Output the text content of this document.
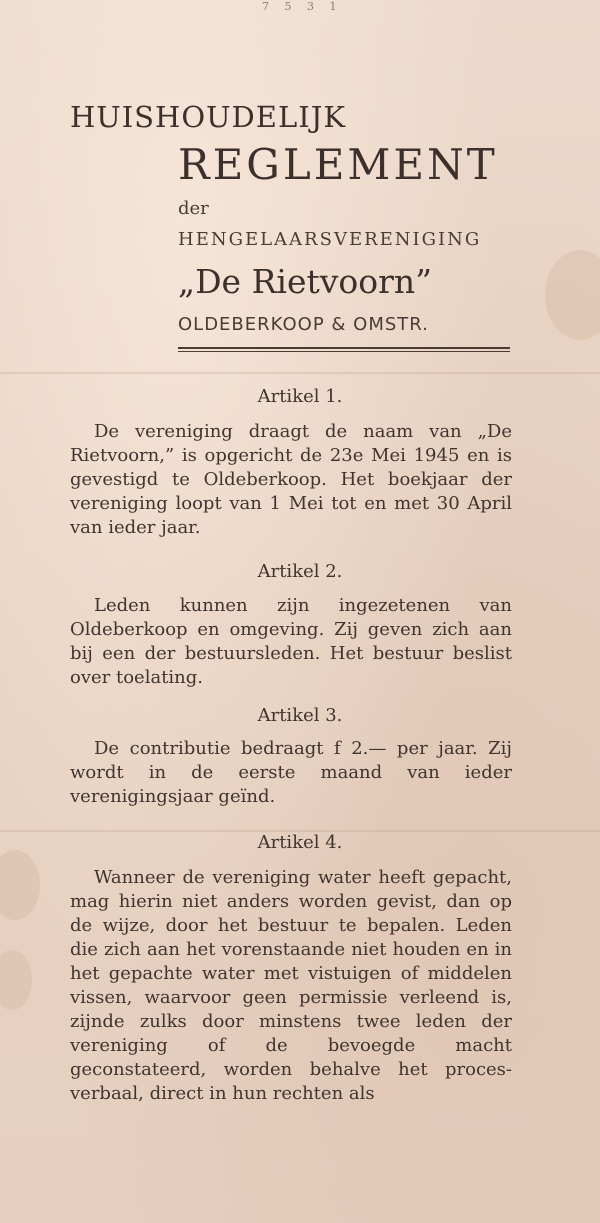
7 5 3 1
HUISHOUDELIJK
REGLEMENT
der
HENGELAARSVERENIGING
„De Rietvoorn”
OLDEBERKOOP & OMSTR.
Artikel 1.

De vereniging draagt de naam van „De Rietvoorn,” is opgericht de 23e Mei 1945 en is gevestigd te Oldeberkoop. Het boekjaar der vereniging loopt van 1 Mei tot en met 30 April van ieder jaar.

Artikel 2.

Leden kunnen zijn ingezetenen van Oldeberkoop en omgeving. Zij geven zich aan bij een der bestuursleden. Het bestuur beslist over toelating.

Artikel 3.

De contributie bedraagt f 2.— per jaar. Zij wordt in de eerste maand van ieder verenigingsjaar geïnd.

Artikel 4.

Wanneer de vereniging water heeft gepacht, mag hierin niet anders worden gevist, dan op de wijze, door het bestuur te bepalen. Leden die zich aan het vorenstaande niet houden en in het gepachte water met vistuigen of middelen vissen, waarvoor geen permissie verleend is, zijnde zulks door minstens twee leden der vereniging of de bevoegde macht geconstateerd, worden behalve het proces-verbaal, direct in hun rechten als
